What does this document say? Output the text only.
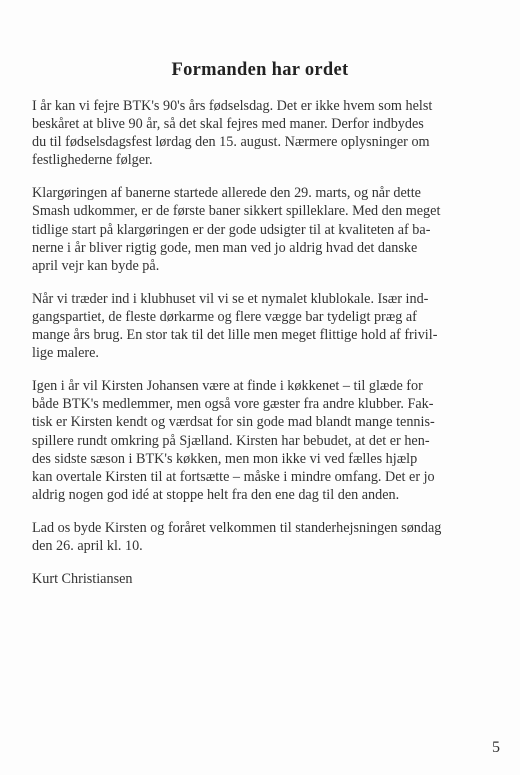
Formanden har ordet

I år kan vi fejre BTK's 90's års fødselsdag. Det er ikke hvem som helst
beskåret at blive 90 år, så det skal fejres med maner. Derfor indbydes
du til fødselsdagsfest lørdag den 15. august. Nærmere oplysninger om
festlighederne følger.

Klargøringen af banerne startede allerede den 29. marts, og når dette
Smash udkommer, er de første baner sikkert spilleklare. Med den meget
tidlige start på klargøringen er der gode udsigter til at kvaliteten af ba-
nerne i år bliver rigtig gode, men man ved jo aldrig hvad det danske
april vejr kan byde på.

Når vi træder ind i klubhuset vil vi se et nymalet klublokale. Især ind-
gangspartiet, de fleste dørkarme og flere vægge bar tydeligt præg af
mange års brug. En stor tak til det lille men meget flittige hold af frivil-
lige malere.

Igen i år vil Kirsten Johansen være at finde i køkkenet – til glæde for
både BTK's medlemmer, men også vore gæster fra andre klubber. Fak-
tisk er Kirsten kendt og værdsat for sin gode mad blandt mange tennis-
spillere rundt omkring på Sjælland. Kirsten har bebudet, at det er hen-
des sidste sæson i BTK's køkken, men mon ikke vi ved fælles hjælp
kan overtale Kirsten til at fortsætte – måske i mindre omfang. Det er jo
aldrig nogen god idé at stoppe helt fra den ene dag til den anden.

Lad os byde Kirsten og foråret velkommen til standerhejsningen søndag
den 26. april kl. 10.

Kurt Christiansen

5
